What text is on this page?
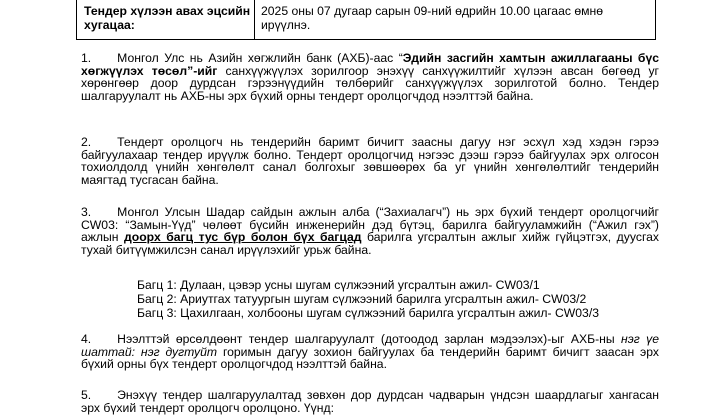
Тендер хүлээн авах эцсийн хугацаа:
2025 оны 07 дугаар сарын 09-ний өдрийн 10.00 цагаас өмнө ирүүлнэ.
1. Монгол Улс нь Азийн хөгжлийн банк (АХБ)-аас “Эдийн засгийн хамтын ажиллагааны бүс хөгжүүлэх төсөл”-ийг санхүүжүүлэх зорилгоор энэхүү санхүүжилтийг хүлээн авсан бөгөөд уг хөрөнгөөр доор дурдсан гэрээнүүдийн төлбөрийг санхүүжүүлэх зорилготой болно. Тендер шалгаруулалт нь АХБ-ны эрх бүхий орны тендерт оролцогчдод нээлттэй байна.
2. Тендерт оролцогч нь тендерийн баримт бичигт заасны дагуу нэг эсхүл хэд хэдэн гэрээ байгуулахаар тендер ирүүлж болно. Тендерт оролцогчид нэгээс дээш гэрээ байгуулах эрх олгосон тохиолдолд үнийн хөнгөлөлт санал болгохыг зөвшөөрөх ба уг үнийн хөнгөлөлтийг тендерийн маягтад тусгасан байна.
3. Монгол Улсын Шадар сайдын ажлын алба (“Захиалагч”) нь эрх бүхий тендерт оролцогчийг CW03: “Замын-Үүд” чөлөөт бүсийн инженерийн дэд бүтэц, барилга байгууламжийн (“Ажил гэх”) ажлын доорх багц тус бүр болон бүх багцад барилга угсралтын ажлыг хийж гүйцэтгэх, дуусгах тухай битүүмжилсэн санал ирүүлэхийг урьж байна.
Багц 1: Дулаан, цэвэр усны шугам сүлжээний угсралтын ажил- CW03/1
Багц 2: Ариутгах татуургын шугам сүлжээний барилга угсралтын ажил- CW03/2
Багц 3: Цахилгаан, холбооны шугам сүлжээний барилга угсралтын ажил- CW03/3
4. Нээлттэй өрсөлдөөнт тендер шалгаруулалт (дотоодод зарлан мэдээлэх)-ыг АХБ-ны нэг үе шаттай: нэг дугтуйт горимын дагуу зохион байгуулах ба тендерийн баримт бичигт заасан эрх бүхий орны бүх тендерт оролцогчдод нээлттэй байна.
5. Энэхүү тендер шалгаруулалтад зөвхөн дор дурдсан чадварын үндсэн шаардлагыг хангасан эрх бүхий тендерт оролцогч оролцоно. Үүнд:
